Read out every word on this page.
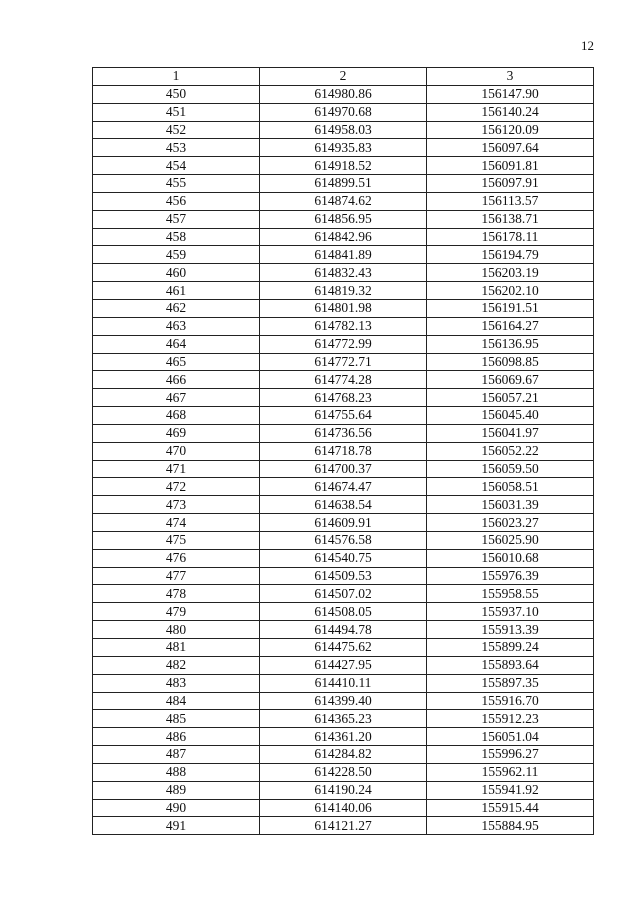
12
1	2	3
450	614980.86	156147.90
451	614970.68	156140.24
452	614958.03	156120.09
453	614935.83	156097.64
454	614918.52	156091.81
455	614899.51	156097.91
456	614874.62	156113.57
457	614856.95	156138.71
458	614842.96	156178.11
459	614841.89	156194.79
460	614832.43	156203.19
461	614819.32	156202.10
462	614801.98	156191.51
463	614782.13	156164.27
464	614772.99	156136.95
465	614772.71	156098.85
466	614774.28	156069.67
467	614768.23	156057.21
468	614755.64	156045.40
469	614736.56	156041.97
470	614718.78	156052.22
471	614700.37	156059.50
472	614674.47	156058.51
473	614638.54	156031.39
474	614609.91	156023.27
475	614576.58	156025.90
476	614540.75	156010.68
477	614509.53	155976.39
478	614507.02	155958.55
479	614508.05	155937.10
480	614494.78	155913.39
481	614475.62	155899.24
482	614427.95	155893.64
483	614410.11	155897.35
484	614399.40	155916.70
485	614365.23	155912.23
486	614361.20	156051.04
487	614284.82	155996.27
488	614228.50	155962.11
489	614190.24	155941.92
490	614140.06	155915.44
491	614121.27	155884.95
